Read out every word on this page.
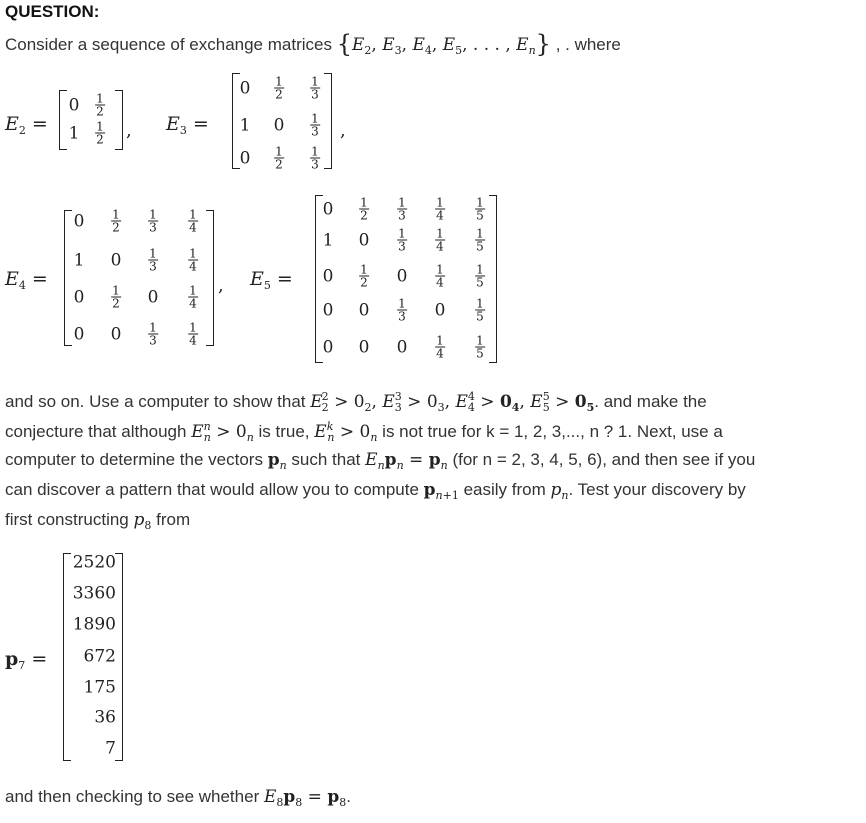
QUESTION:
Consider a sequence of exchange matrices {$E_2$, $E_3$, $E_4$, $E_5$, . . . , $E_n$} , . where
$E_2$ =
$0 \frac{1}{2}$
$1 \frac{1}{2}$ , $E_3$ =
$0 \frac{1}{2} \frac{1}{3}$
1 $0 \frac{1}{3}$
$0 \frac{1}{2} \frac{1}{3}$
,
$E_4$ =
$0 \frac{1}{2} \frac{1}{3}$	$\frac{1}{4}$
1 $0 \frac{1}{3}$	$\frac{1}{4}$
$0 \frac{1}{2} 0 \frac{1}{4}$
0 $0 \frac{1}{3}$	$\frac{1}{4}$
, $E_5$ =
$0 \frac{1}{2} \frac{1}{3} \frac{1}{4}$	$\frac{1}{5}$
1 $0 \frac{1}{3} \frac{1}{4}$	$\frac{1}{5}$
$0 \frac{1}{2} 0 \frac{1}{4}$	$\frac{1}{5}$
0 $0 \frac{1}{3} 0 \frac{1}{5}$
0 0 $0 \frac{1}{4}$	$\frac{1}{5}$
and so on. Use a computer to show that $E^2_2 > 0_2$, $E^3_3 > 0_3$, $E^4_4 > 0_4$, $E^5_5 > 0_5$. and make the
conjecture that although $E^n_n > 0_n$ is true, $E^k_n > 0_n$ is not true for k = 1, 2, 3,..., n ? 1. Next, use a
computer to determine the vectors $p_n$ such that $E_np_n = p_n$ (for n = 2, 3, 4, 5, 6), and then see if you
can discover a pattern that would allow you to compute $p_{n+1}$ easily from $p_n$. Test your discovery by
first constructing $p_8$ from
$p_7$ =
2520
3360
1890
672
175
36
7
and then checking to see whether $E_8p_8 = p_8$.
